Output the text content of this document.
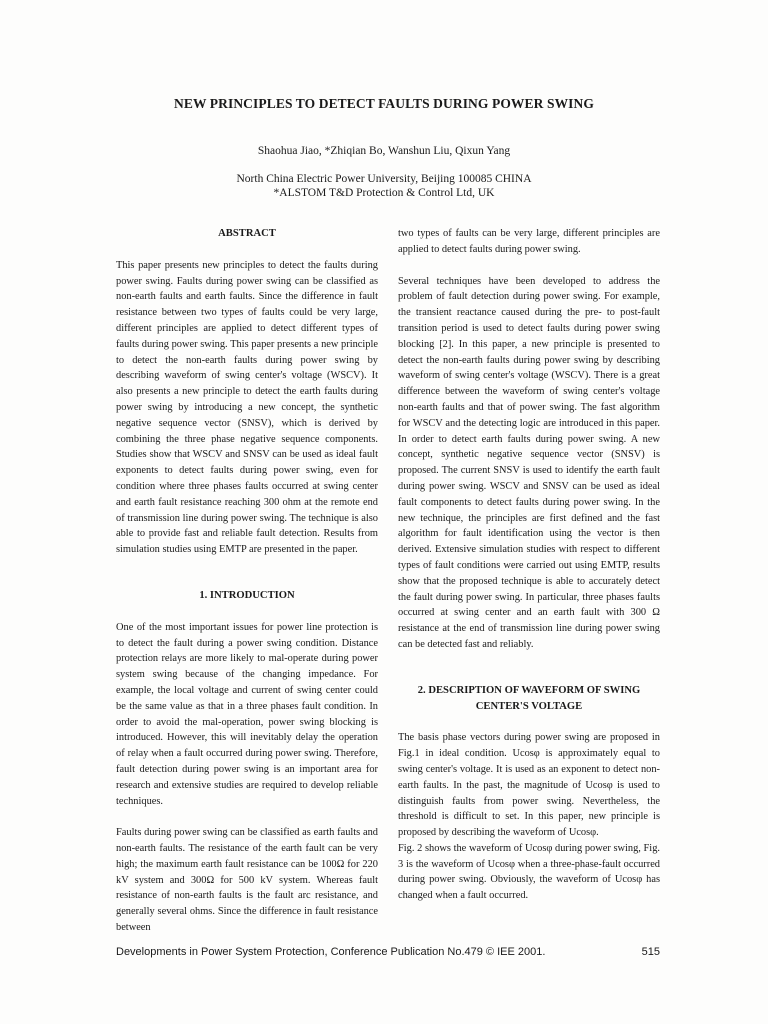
NEW PRINCIPLES TO DETECT FAULTS DURING POWER SWING
Shaohua Jiao, *Zhiqian Bo, Wanshun Liu, Qixun Yang
North China Electric Power University, Beijing 100085 CHINA
*ALSTOM T&D Protection & Control Ltd, UK
ABSTRACT

This paper presents new principles to detect the faults during power swing. Faults during power swing can be classified as non-earth faults and earth faults. Since the difference in fault resistance between two types of faults could be very large, different principles are applied to detect different types of faults during power swing. This paper presents a new principle to detect the non-earth faults during power swing by describing waveform of swing center's voltage (WSCV). It also presents a new principle to detect the earth faults during power swing by introducing a new concept, the synthetic negative sequence vector (SNSV), which is derived by combining the three phase negative sequence components. Studies show that WSCV and SNSV can be used as ideal fault exponents to detect faults during power swing, even for condition where three phases faults occurred at swing center and earth fault resistance reaching 300 ohm at the remote end of transmission line during power swing. The technique is also able to provide fast and reliable fault detection. Results from simulation studies using EMTP are presented in the paper.

1. INTRODUCTION

One of the most important issues for power line protection is to detect the fault during a power swing condition. Distance protection relays are more likely to mal-operate during power system swing because of the changing impedance. For example, the local voltage and current of swing center could be the same value as that in a three phases fault condition. In order to avoid the mal-operation, power swing blocking is introduced. However, this will inevitably delay the operation of relay when a fault occurred during power swing. Therefore, fault detection during power swing is an important area for research and extensive studies are required to develop reliable techniques.

Faults during power swing can be classified as earth faults and non-earth faults. The resistance of the earth fault can be very high; the maximum earth fault resistance can be 100Ω for 220 kV system and 300Ω for 500 kV system. Whereas fault resistance of non-earth faults is the fault arc resistance, and generally several ohms. Since the difference in fault resistance between

two types of faults can be very large, different principles are applied to detect faults during power swing.

Several techniques have been developed to address the problem of fault detection during power swing. For example, the transient reactance caused during the pre- to post-fault transition period is used to detect faults during power swing blocking [2]. In this paper, a new principle is presented to detect the non-earth faults during power swing by describing waveform of swing center's voltage (WSCV). There is a great difference between the waveform of swing center's voltage non-earth faults and that of power swing. The fast algorithm for WSCV and the detecting logic are introduced in this paper. In order to detect earth faults during power swing. A new concept, synthetic negative sequence vector (SNSV) is proposed. The current SNSV is used to identify the earth fault during power swing. WSCV and SNSV can be used as ideal fault components to detect faults during power swing. In the new technique, the principles are first defined and the fast algorithm for fault identification using the vector is then derived. Extensive simulation studies with respect to different types of fault conditions were carried out using EMTP, results show that the proposed technique is able to accurately detect the fault during power swing. In particular, three phases faults occurred at swing center and an earth fault with 300 Ω resistance at the end of transmission line during power swing can be detected fast and reliably.

2. DESCRIPTION OF WAVEFORM OF SWING
CENTER'S VOLTAGE

The basis phase vectors during power swing are proposed in Fig.1 in ideal condition. Ucosφ is approximately equal to swing center's voltage. It is used as an exponent to detect non-earth faults. In the past, the magnitude of Ucosφ is used to distinguish faults from power swing. Nevertheless, the threshold is difficult to set. In this paper, new principle is proposed by describing the waveform of Ucosφ.

Fig. 2 shows the waveform of Ucosφ during power swing, Fig. 3 is the waveform of Ucosφ when a three-phase-fault occurred during power swing. Obviously, the waveform of Ucosφ has changed when a fault occurred.

Developments in Power System Protection, Conference Publication No.479 © IEE 2001.	515
